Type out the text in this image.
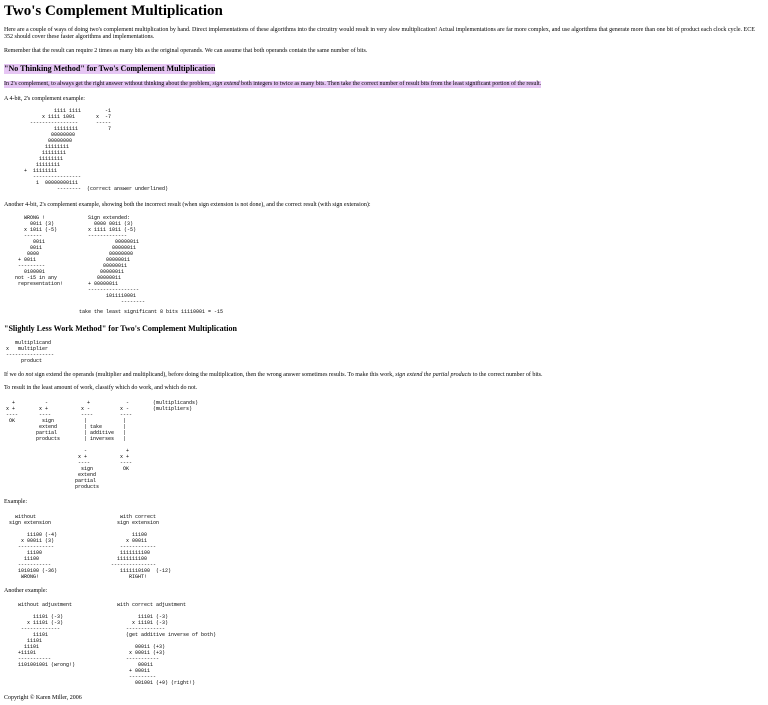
Two's Complement Multiplication

Here are a couple of ways of doing two's complement multiplication by hand. Direct implementations of these algorithms into the circuitry would result in very slow multiplication! Actual implementations are far more complex, and use algorithms that generate more than one bit of product each clock cycle. ECE 352 should cover these faster algorithms and implementations.

Remember that the result can require 2 times as many bits as the original operands. We can assume that both operands contain the same number of bits.

"No Thinking Method" for Two's Complement Multiplication

In 2's complement, to always get the right answer without thinking about the problem, sign extend both integers to twice as many bits. Then take the correct number of result bits from the least significant portion of the result.

A 4-bit, 2's complement example:

1111 1111        -1
x 1111 1001       x  -7
----------------      -----
11111111          7
00000000
00000000
11111111
11111111
11111111
11111111
+  11111111
----------------
1  00000000111
--------  (correct answer underlined)

Another 4-bit, 2's complement example, showing both the incorrect result (when sign extension is not done), and the correct result (with sign extension):

WRONG !
0011 (3)
x 1011 (-5)
------
0011
0011
0000
+ 0011
---------
0100001
not -15 in any
representation!
Sign extended:
0000 0011 (3)
x 1111 1011 (-5)
-------------
00000011
00000011
00000000
00000011
00000011
00000011
00000011
+ 00000011
-----------------
1011110001
--------
take the least significant 8 bits 11110001 = -15
"Slightly Less Work Method" for Two's Complement Multiplication
multiplicand
x   multiplier
----------------
product

If we do not sign extend the operands (multiplier and multiplicand), before doing the multiplication, then the wrong answer sometimes results. To make this work, sign extend the partial products to the correct number of bits.

To result in the least amount of work, classify which do work, and which do not.

+          -             +            -        (multiplicands)
x +        x +           x -          x -        (multipliers)
----       ----          ----         ----
OK         sign          |            |
extend         | take       |
partial         | additive   |
products        | inverses   |

-             +
x +           x +
----          ----
sign          OK
extend
partial
products

Example:

without                            with correct
sign extension                      sign extension

11100 (-4)                         11100
x 00011 (3)                        x 00011
------------                      ------------
11100                          1111111100
11100                          1111111100
-----------                    ---------------
1010100 (-36)                     1111110100  (-12)
WRONG!                              RIGHT!

Another example:

without adjustment               with correct adjustment

11101 (-3)                         11101 (-3)
x 11101 (-3)                       x 11101 (-3)
-------------                      -------------
11101                          (get additive inverse of both)
11101
11101                                00011 (+3)
+11101                               x 00011 (+3)
-----------                         -----------
1101001001 (wrong!)                     00011
+ 00011
---------
001001 (+9) (right!)

Copyright © Karen Miller, 2006
